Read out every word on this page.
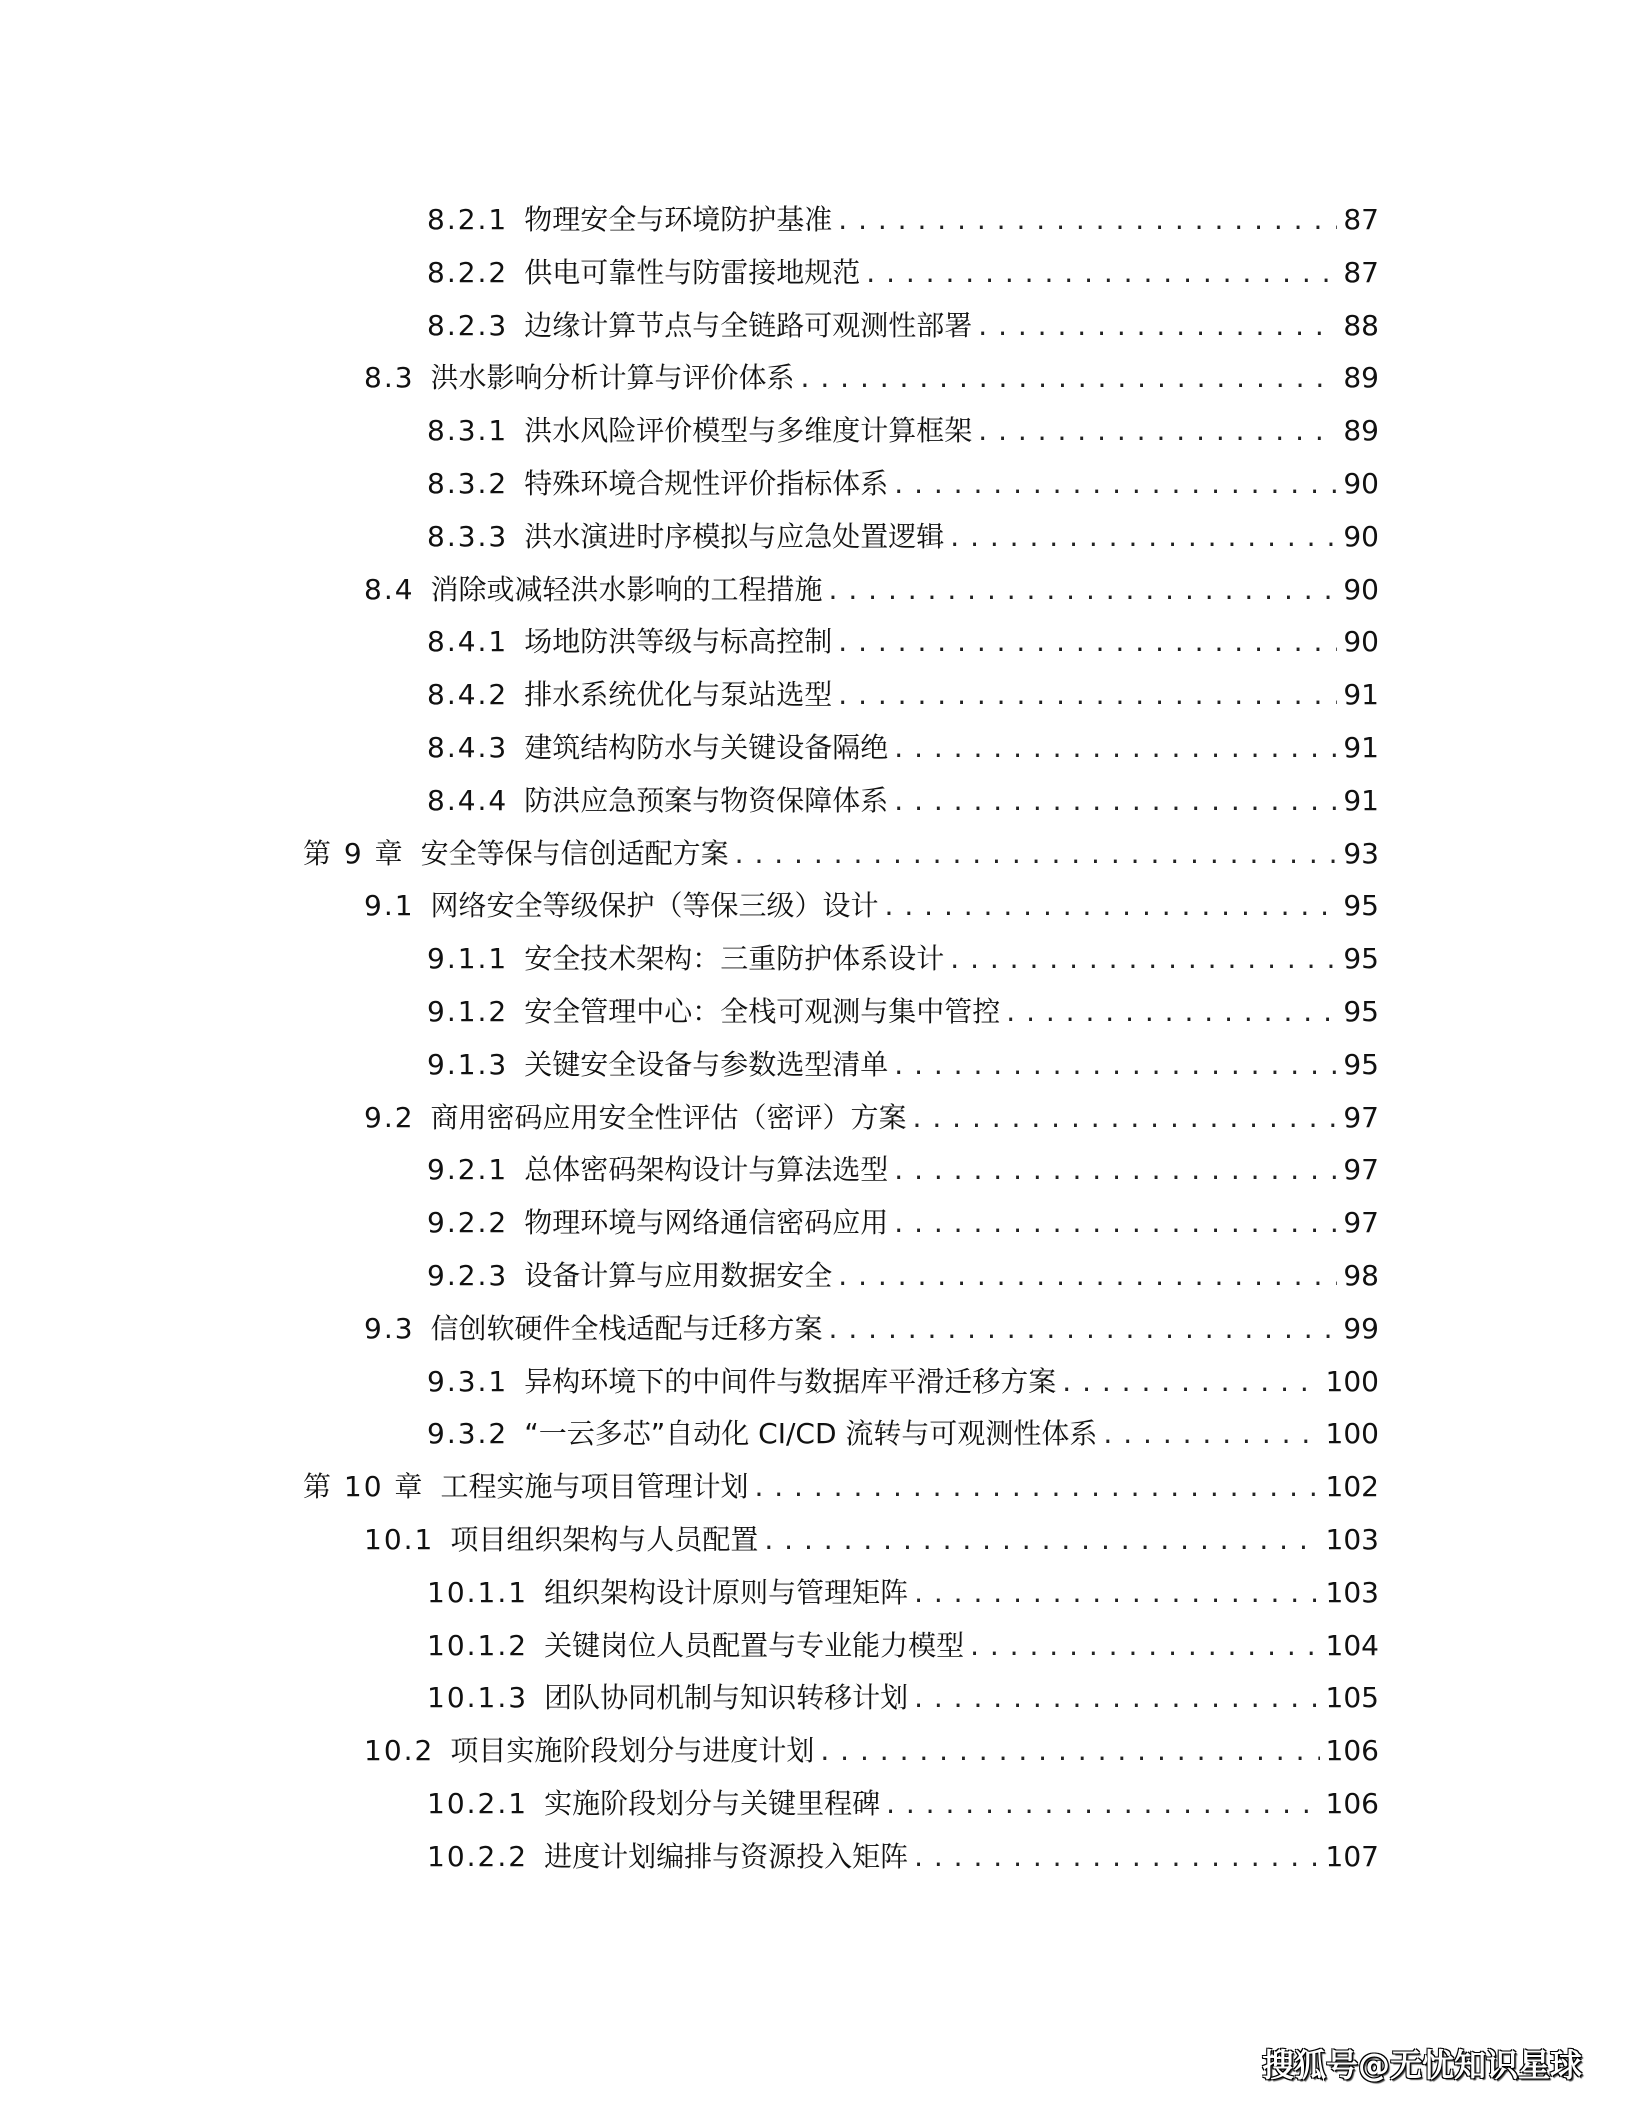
8.2.1 物理安全与环境防护基准 . . .	87
8.2.2 供电可靠性与防雷接地规范 . . .	87
8.2.3 边缘计算节点与全链路可观测性部署 . . .	88
8.3 洪水影响分析计算与评价体系 . . .	89
8.3.1 洪水风险评价模型与多维度计算框架 . . .	89
8.3.2 特殊环境合规性评价指标体系 . . .	90
8.3.3 洪水演进时序模拟与应急处置逻辑 . . .	90
8.4 消除或减轻洪水影响的工程措施 . . .	90
8.4.1 场地防洪等级与标高控制 . . .	90
8.4.2 排水系统优化与泵站选型 . . .	91
8.4.3 建筑结构防水与关键设备隔绝 . . .	91
8.4.4 防洪应急预案与物资保障体系 . . .	91
第 9 章 安全等保与信创适配方案 . . .	93
9.1 网络安全等级保护（等保三级）设计 . . .	95
9.1.1 安全技术架构：三重防护体系设计 . . .	95
9.1.2 安全管理中心：全栈可观测与集中管控 . . .	95
9.1.3 关键安全设备与参数选型清单 . . .	95
9.2 商用密码应用安全性评估（密评）方案 . . .	97
9.2.1 总体密码架构设计与算法选型 . . .	97
9.2.2 物理环境与网络通信密码应用 . . .	97
9.2.3 设备计算与应用数据安全 . . .	98
9.3 信创软硬件全栈适配与迁移方案 . . .	99
9.3.1 异构环境下的中间件与数据库平滑迁移方案 . . .	100
9.3.2 “一云多芯”自动化 CI/CD 流转与可观测性体系 . . .	100
第 10 章 工程实施与项目管理计划 . . .	102
10.1 项目组织架构与人员配置 . . .	103
10.1.1 组织架构设计原则与管理矩阵 . . .	103
10.1.2 关键岗位人员配置与专业能力模型 . . .	104
10.1.3 团队协同机制与知识转移计划 . . .	105
10.2 项目实施阶段划分与进度计划 . . .	106
10.2.1 实施阶段划分与关键里程碑 . . .	106
10.2.2 进度计划编排与资源投入矩阵 . . .	107
搜狐号@无忧知识星球
